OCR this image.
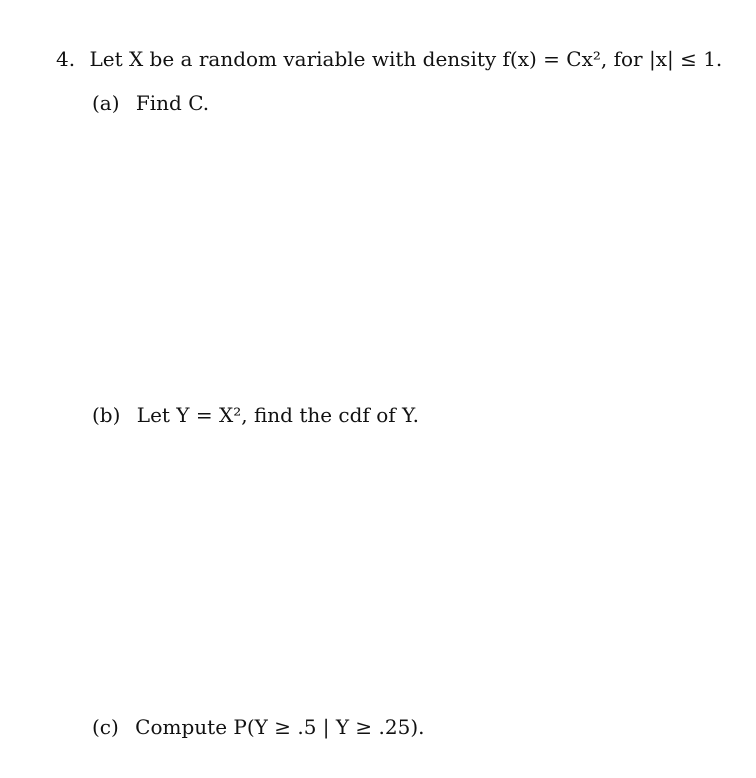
4. Let X be a random variable with density f(x) = Cx², for |x| ≤ 1.
(a) Find C.
(b) Let Y = X², find the cdf of Y.
(c) Compute P(Y ≥ .5 | Y ≥ .25).
